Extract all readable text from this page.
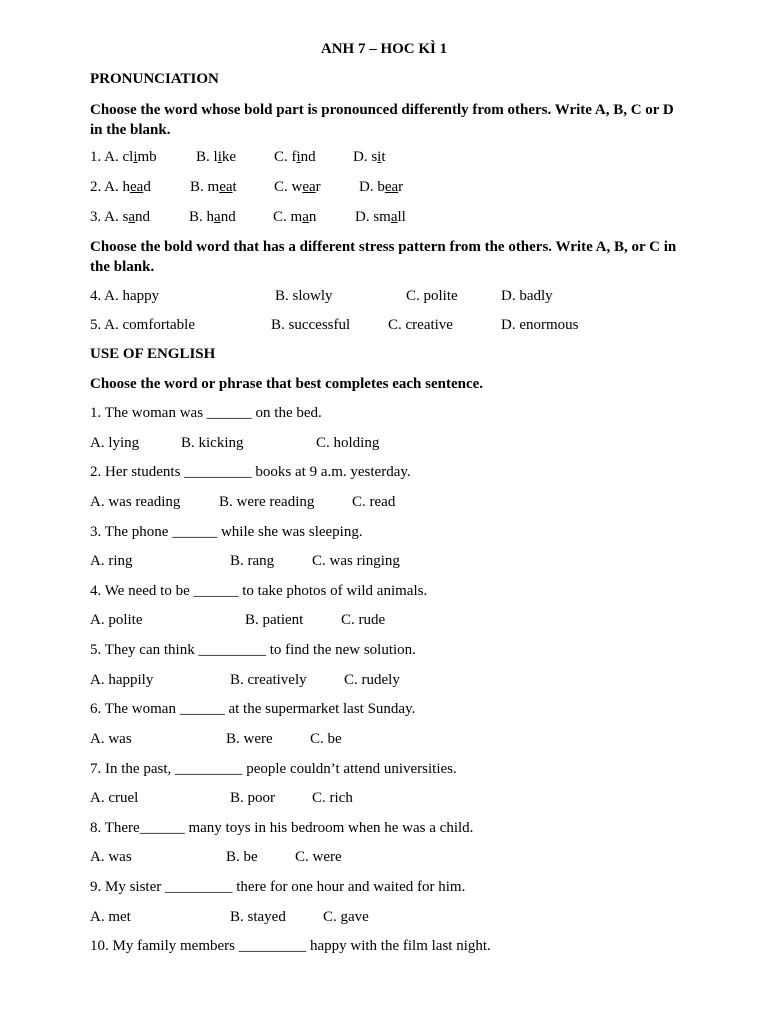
ANH 7 – HOC KÌ 1
PRONUNCIATION
Choose the word whose bold part is pronounced differently from others. Write A, B, C or D in the blank.
1. A. climb	B. like	C. find D. sit
2. A. head	B. meat C. wear	D. bear
3. A. sand	B. hand C. man	D. small
Choose the bold word that has a different stress pattern from the others. Write A, B, or C in the blank.
4. A. happy	B. slowly	C. polite	D. badly
5. A. comfortable	B. successful	C. creative	D. enormous
USE OF ENGLISH
Choose the word or phrase that best completes each sentence.
1. The woman was ______ on the bed.
A. lying	B. kicking	C. holding
2. Her students _________ books at 9 a.m. yesterday.
A. was reading	B. were reading	C. read
3. The phone ______ while she was sleeping.
A. ring	B. rang	C. was ringing
4. We need to be ______ to take photos of wild animals.
A. polite	B. patient	C. rude
5. They can think _________ to find the new solution.
A. happily	B. creatively C. rudely
6. The woman ______ at the supermarket last Sunday.
A. was	B. were C. be
7. In the past, _________ people couldn’t attend universities.
A. cruel	B. poor C. rich
8. There______ many toys in his bedroom when he was a child.
A. was	B. be C. were
9. My sister _________ there for one hour and waited for him.
A. met	B. stayed C. gave
10. My family members _________ happy with the film last night.
